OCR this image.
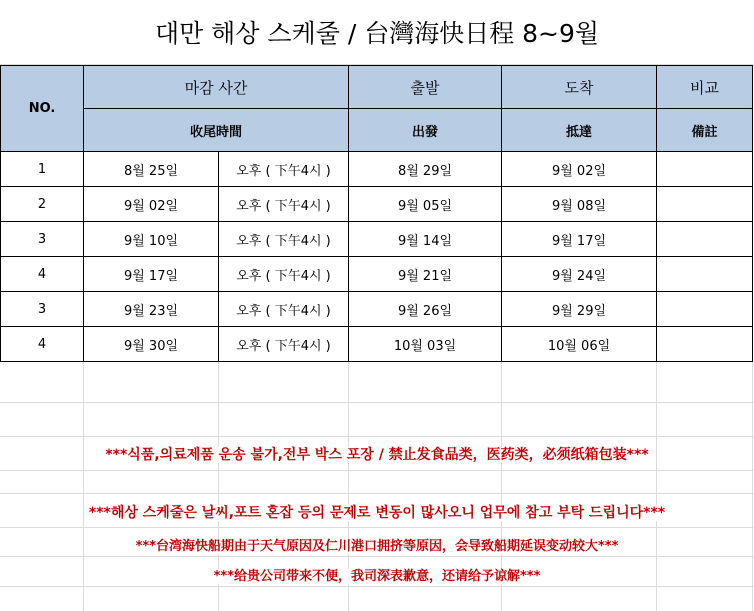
대만 해상 스케줄 / 台灣海快日程 8~9월
NO.	마감 사간		출발	도착	비교
	收尾時間		出發	抵達	備註
1	8월 25일	오후 ( 下午4시 )	8월 29일	9월 02일	
2	9월 02일	오후 ( 下午4시 )	9월 05일	9월 08일	
3	9월 10일	오후 ( 下午4시 )	9월 14일	9월 17일	
4	9월 17일	오후 ( 下午4시 )	9월 21일	9월 24일	
3	9월 23일	오후 ( 下午4시 )	9월 26일	9월 29일	
4	9월 30일	오후 ( 下午4시 )	10월 03일	10월 06일	
***식품,의료제품 운송 불가,전부 박스 포장 / 禁止发食品类，医药类，必须纸箱包装***
***해상 스케줄은 날씨,포트 혼잡 등의 문제로 변동이 많사오니 업무에 참고 부탁 드립니다***
***台湾海快船期由于天气原因及仁川港口拥挤等原因，会导致船期延误变动较大***
***给贵公司带来不便，我司深表歉意，还请给予谅解***
